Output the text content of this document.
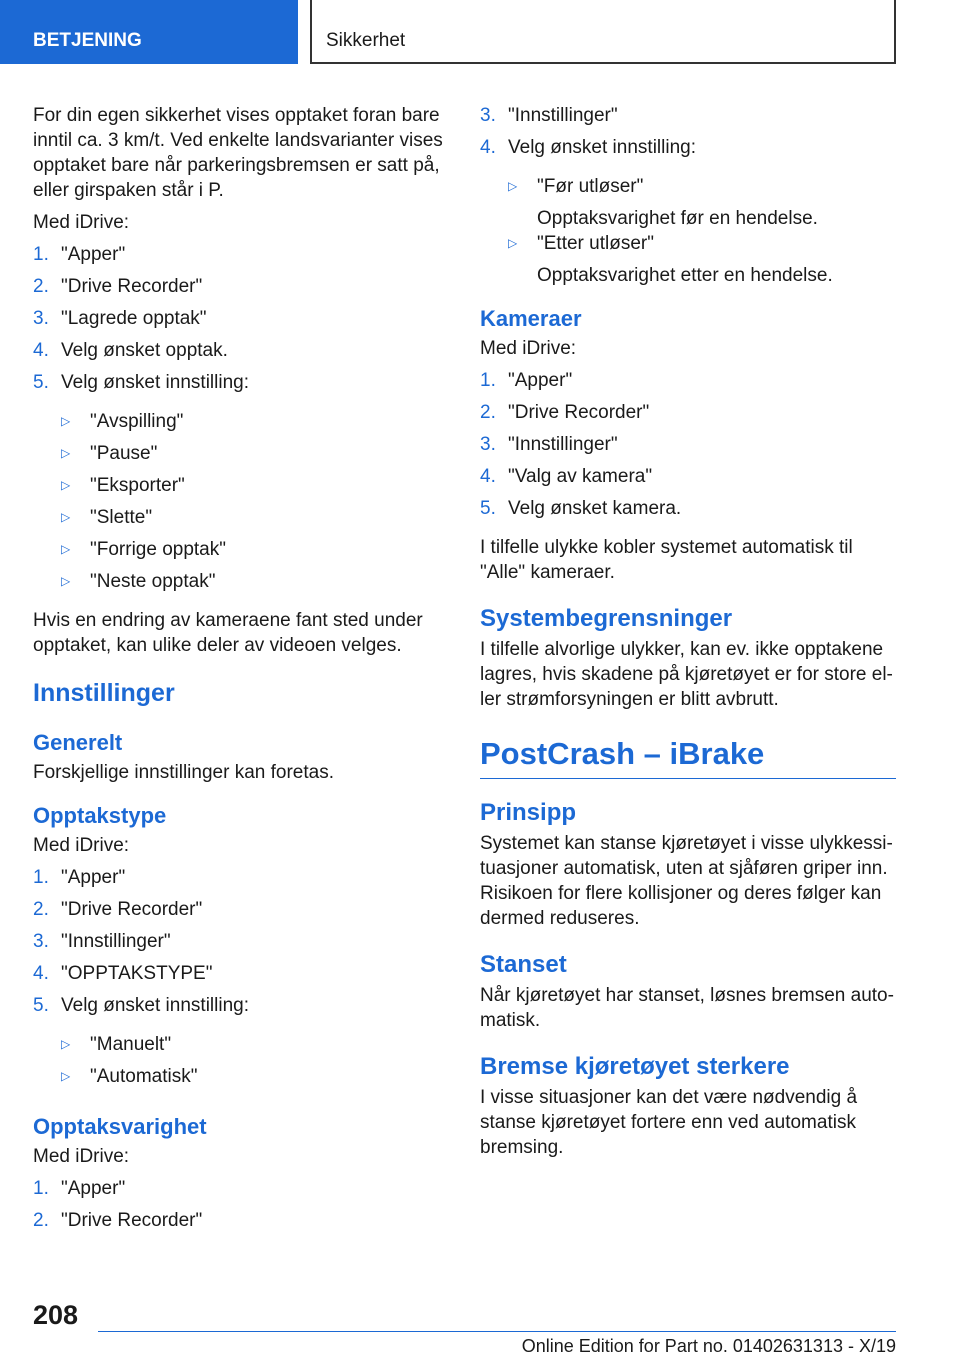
BETJENING	Sikkerhet

For din egen sikkerhet vises opptaket foran bare inntil ca. 3 km/t. Ved enkelte landsvarianter vises opptaket bare når parkeringsbremsen er satt på, eller girspaken står i P.

Med iDrive:

1. "Apper"
2. "Drive Recorder"
3. "Lagrede opptak"
4. Velg ønsket opptak.
5. Velg ønsket innstilling:
▷	"Avspilling"
▷	"Pause"
▷	"Eksporter"
▷	"Slette"
▷	"Forrige opptak"
▷	"Neste opptak"

Hvis en endring av kameraene fant sted under opptaket, kan ulike deler av videoen velges.

Innstillinger
Generelt

Forskjellige innstillinger kan foretas.

Opptakstype

Med iDrive:

1. "Apper"
2. "Drive Recorder"
3. "Innstillinger"
4. "OPPTAKSTYPE"
5. Velg ønsket innstilling:
▷	"Manuelt"
▷	"Automatisk"
Opptaksvarighet

Med iDrive:

1. "Apper"
2. "Drive Recorder"
3. "Innstillinger"
4. Velg ønsket innstilling:
▷	"Før utløser"
Opptaksvarighet før en hendelse.
▷	"Etter utløser"
Opptaksvarighet etter en hendelse.
Kameraer

Med iDrive:

1. "Apper"
2. "Drive Recorder"
3. "Innstillinger"
4. "Valg av kamera"
5. Velg ønsket kamera.

I tilfelle ulykke kobler systemet automatisk til "Alle" kameraer.

Systembegrensninger

I tilfelle alvorlige ulykker, kan ev. ikke opptakene lagres, hvis skadene på kjøretøyet er for store el-ler strømforsyningen er blitt avbrutt.

PostCrash – iBrake
Prinsipp

Systemet kan stanse kjøretøyet i visse ulykkessi-tuasjoner automatisk, uten at sjåføren griper inn. Risikoen for flere kollisjoner og deres følger kan dermed reduseres.

Stanset

Når kjøretøyet har stanset, løsnes bremsen auto-matisk.

Bremse kjøretøyet sterkere

I visse situasjoner kan det være nødvendig å stanse kjøretøyet fortere enn ved automatisk bremsing.

208
Online Edition for Part no. 01402631313 - X/19
